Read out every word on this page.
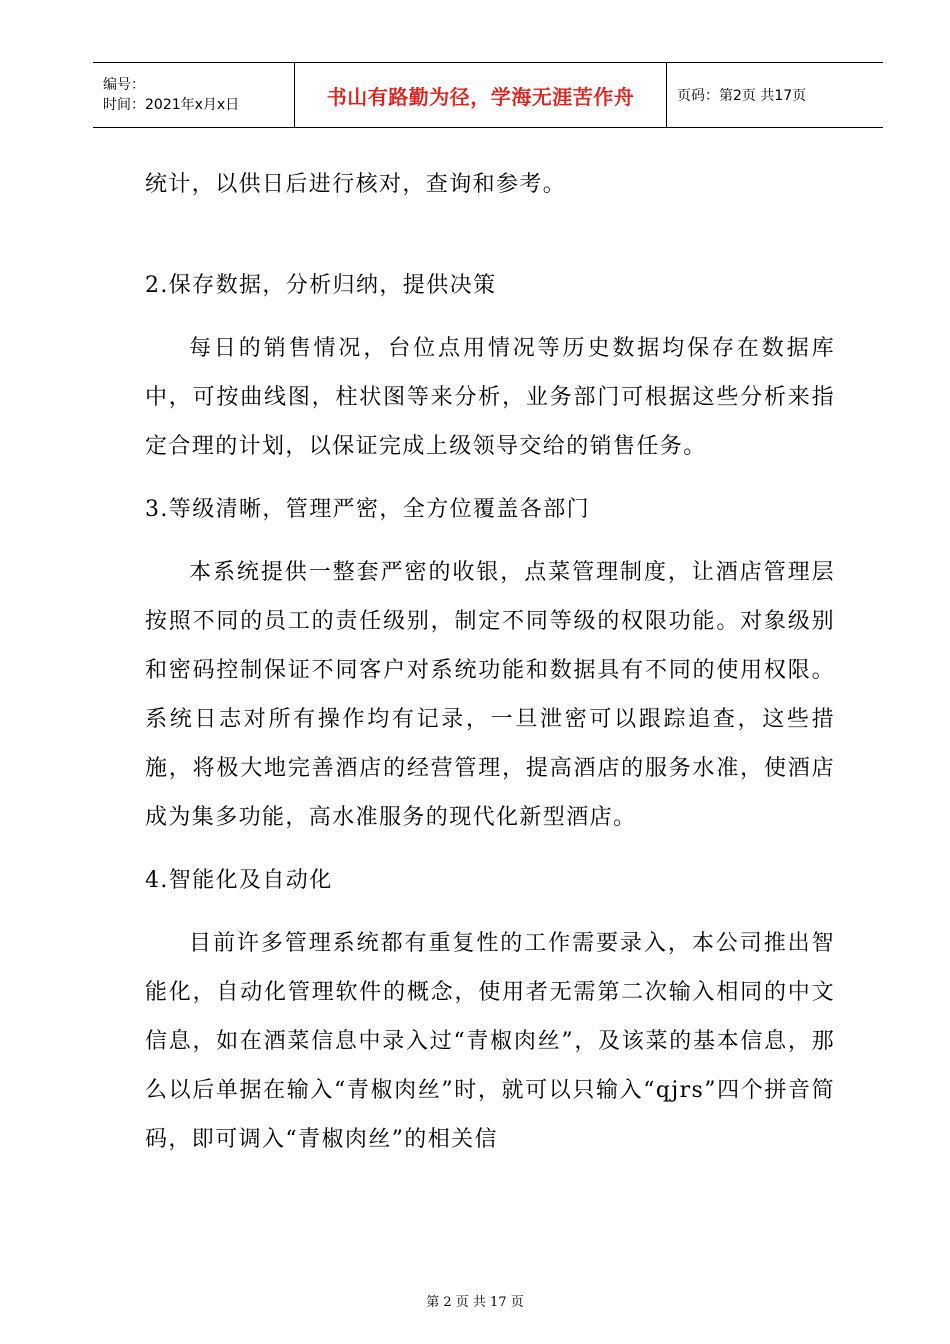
编号：
时间：2021年x月x日	书山有路勤为径，学海无涯苦作舟	页码：第2页 共17页

统计，以供日后进行核对，查询和参考。

2.保存数据，分析归纳，提供决策

每日的销售情况，台位点用情况等历史数据均保存在数据库中，可按曲线图，柱状图等来分析，业务部门可根据这些分析来指定合理的计划，以保证完成上级领导交给的销售任务。

3.等级清晰，管理严密，全方位覆盖各部门

本系统提供一整套严密的收银，点菜管理制度，让酒店管理层按照不同的员工的责任级别，制定不同等级的权限功能。对象级别和密码控制保证不同客户对系统功能和数据具有不同的使用权限。系统日志对所有操作均有记录，一旦泄密可以跟踪追查，这些措施，将极大地完善酒店的经营管理，提高酒店的服务水准，使酒店成为集多功能，高水准服务的现代化新型酒店。

4.智能化及自动化

目前许多管理系统都有重复性的工作需要录入，本公司推出智能化，自动化管理软件的概念，使用者无需第二次输入相同的中文信息，如在酒菜信息中录入过“青椒肉丝”，及该菜的基本信息，那么以后单据在输入“青椒肉丝”时，就可以只输入“qjrs”四个拼音简码，即可调入“青椒肉丝”的相关信

第 2 页 共 17 页
